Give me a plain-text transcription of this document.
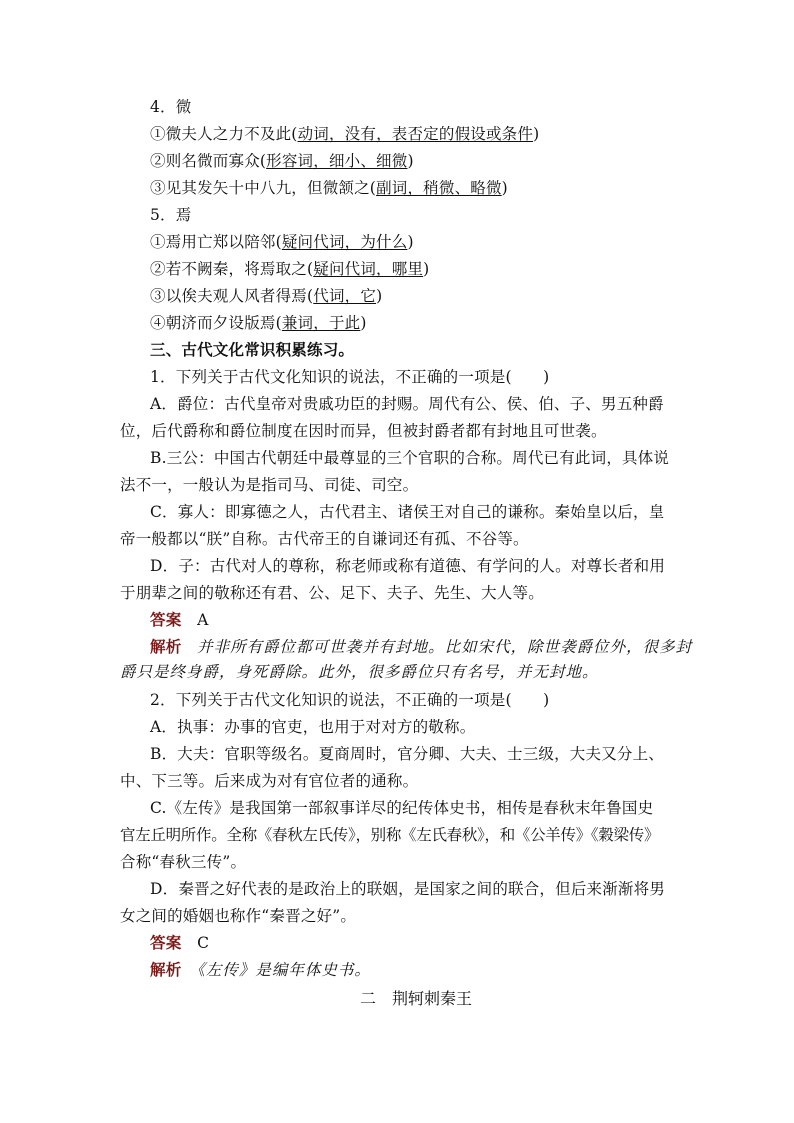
4．微
①微夫人之力不及此(动词，没有，表否定的假设或条件)
②则名微而寡众(形容词，细小、细微)
③见其发矢十中八九，但微颔之(副词，稍微、略微)
5．焉
①焉用亡郑以陪邻(疑问代词，为什么)
②若不阙秦，将焉取之(疑问代词，哪里)
③以俟夫观人风者得焉(代词，它)
④朝济而夕设版焉(兼词，于此)
三、古代文化常识积累练习。
1．下列关于古代文化知识的说法，不正确的一项是(　　)
A．爵位：古代皇帝对贵戚功臣的封赐。周代有公、侯、伯、子、男五种爵
位，后代爵称和爵位制度在因时而异，但被封爵者都有封地且可世袭。
B.三公：中国古代朝廷中最尊显的三个官职的合称。周代已有此词，具体说
法不一，一般认为是指司马、司徒、司空。
C．寡人：即寡德之人，古代君主、诸侯王对自己的谦称。秦始皇以后，皇
帝一般都以“朕”自称。古代帝王的自谦词还有孤、不谷等。
D．子：古代对人的尊称，称老师或称有道德、有学问的人。对尊长者和用
于朋辈之间的敬称还有君、公、足下、夫子、先生、大人等。
答案　 A
解析　 并非所有爵位都可世袭并有封地。比如宋代，除世袭爵位外，很多封
爵只是终身爵，身死爵除。此外，很多爵位只有名号，并无封地。
2．下列关于古代文化知识的说法，不正确的一项是(　　)
A．执事：办事的官吏，也用于对对方的敬称。
B．大夫：官职等级名。夏商周时，官分卿、大夫、士三级，大夫又分上、
中、下三等。后来成为对有官位者的通称。
C.《左传》是我国第一部叙事详尽的纪传体史书，相传是春秋末年鲁国史
官左丘明所作。全称《春秋左氏传》，别称《左氏春秋》，和《公羊传》《穀梁传》
合称“春秋三传”。
D．秦晋之好代表的是政治上的联姻，是国家之间的联合，但后来渐渐将男
女之间的婚姻也称作“秦晋之好”。
答案　 C
解析　 《左传》是编年体史书。
二　荆轲刺秦王
